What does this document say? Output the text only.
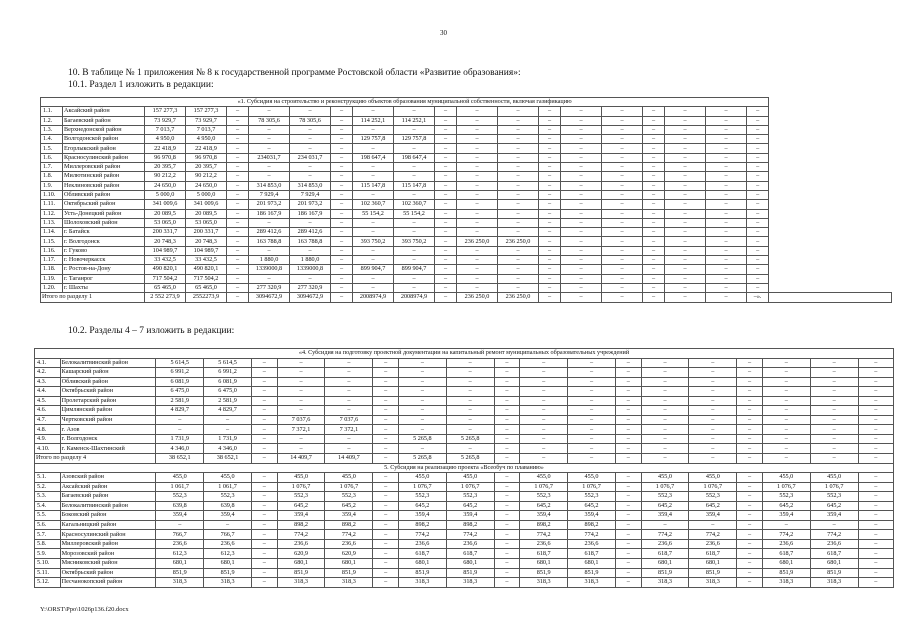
30
10. В таблице № 1 приложения № 8 к государственной программе Ростовской области «Развитие образования»:
10.1. Раздел 1 изложить в редакции:
«1. Субсидия на строительство и реконструкцию объектов образования муниципальной собственности, включая газификацию																				
1.1.	Аксайский район	157 277,3	157 277,3	–	–	–	–	–	–	–	–	–	–	–	–	–	–	–	–	
1.2.	Багаевский район	73 929,7	73 929,7	–	78 305,6	78 305,6	–	114 252,1	114 252,1	–	–	–	–	–	–	–	–	–	–	
1.3.	Верхнедонской район	7 013,7	7 013,7	–	–	–	–	–	–	–	–	–	–	–	–	–	–	–	–	
1.4.	Волгодонской район	4 950,0	4 950,0	–	–	–	–	129 757,8	129 757,8	–	–	–	–	–	–	–	–	–	–	
1.5.	Егорлыкский район	22 418,9	22 418,9	–	–	–	–	–	–	–	–	–	–	–	–	–	–	–	–	
1.6.	Красносулинский район	96 970,8	96 970,8	–	234031,7	234 031,7	–	198 647,4	198 647,4	–	–	–	–	–	–	–	–	–	–	
1.7.	Миллеровский район	20 395,7	20 395,7	–	–	–	–	–	–	–	–	–	–	–	–	–	–	–	–	
1.8.	Милютинский район	90 212,2	90 212,2	–	–	–	–	–	–	–	–	–	–	–	–	–	–	–	–	
1.9.	Неклиновский район	24 650,0	24 650,0	–	314 853,0	314 853,0	–	115 147,8	115 147,8	–	–	–	–	–	–	–	–	–	–	
1.10.	Обливский район	5 000,0	5 000,0	–	7 929,4	7 929,4	–	–	–	–	–	–	–	–	–	–	–	–	–	
1.11.	Октябрьский район	341 009,6	341 009,6	–	201 973,2	201 973,2	–	102 360,7	102 360,7	–	–	–	–	–	–	–	–	–	–	
1.12.	Усть-Донецкий район	20 089,5	20 089,5	–	186 167,9	186 167,9	–	55 154,2	55 154,2	–	–	–	–	–	–	–	–	–	–	
1.13.	Шолоховский район	53 065,0	53 065,0	–	–	–	–	–	–	–	–	–	–	–	–	–	–	–	–	
1.14.	г. Батайск	200 331,7	200 331,7	–	289 412,6	289 412,6	–	–	–	–	–	–	–	–	–	–	–	–	–	
1.15.	г. Волгодонск	20 748,3	20 748,3	–	163 788,8	163 788,8	–	393 750,2	393 750,2	–	236 250,0	236 250,0	–	–	–	–	–	–	–	
1.16.	г. Гуково	104 989,7	104 989,7	–	–	–	–	–	–	–	–	–	–	–	–	–	–	–	–	
1.17.	г. Новочеркасск	33 432,5	33 432,5	–	1 880,0	1 880,0	–	–	–	–	–	–	–	–	–	–	–	–	–	
1.18.	г. Ростов-на-Дону	490 820,1	490 820,1	–	1339000,8	1339000,8	–	899 904,7	899 904,7	–	–	–	–	–	–	–	–	–	–	
1.19.	г. Таганрог	717 504,2	717 504,2	–	–	–	–	–	–	–	–	–	–	–	–	–	–	–	–	
1.20.	г. Шахты	65 465,0	65 465,0	–	277 320,9	277 320,9	–	–	–	–	–	–	–	–	–	–	–	–	–	
Итого по разделу 1		2 552 273,9	2552273,9	–	3094672,9	3094672,9	–	2008974,9	2008974,9	–	236 250,0	236 250,0	–	–	–	–	–	–	–».	
10.2. Разделы 4 – 7 изложить в редакции:
«4. Субсидия на подготовку проектной документации на капитальный ремонт муниципальных образовательных учреждений																			
4.1.	Белокалитвинский район	5 614,5	5 614,5	–	–	–	–	–	–	–	–	–	–	–	–	–	–	–	–
4.2.	Кашарский район	6 991,2	6 991,2	–	–	–	–	–	–	–	–	–	–	–	–	–	–	–	–
4.3.	Обливский район	6 081,9	6 081,9	–	–	–	–	–	–	–	–	–	–	–	–	–	–	–	–
4.4.	Октябрьский район	6 475,0	6 475,0	–	–	–	–	–	–	–	–	–	–	–	–	–	–	–	–
4.5.	Пролетарский район	2 581,9	2 581,9	–	–	–	–	–	–	–	–	–	–	–	–	–	–	–	–
4.6.	Цимлянский район	4 829,7	4 829,7	–	–	–	–	–	–	–	–	–	–	–	–	–	–	–	–
4.7.	Чертковский район	–	–	–	7 037,6	7 037,6	–	–	–	–	–	–	–	–	–	–	–	–	–
4.8.	г. Азов	–	–	–	7 372,1	7 372,1	–	–	–	–	–	–	–	–	–	–	–	–	–
4.9.	г. Волгодонск	1 731,9	1 731,9	–	–	–	–	5 265,8	5 265,8	–	–	–	–	–	–	–	–	–	–
4.10.	г. Каменск-Шахтинский	4 346,0	4 346,0	–	–	–	–	–	–	–	–	–	–	–	–	–	–	–	–
Итого по разделу 4		38 652,1	38 652,1	–	14 409,7	14 409,7	–	5 265,8	5 265,8	–	–	–	–	–	–	–	–	–	–
5. Субсидия на реализацию проекта «Всеобуч по плаванию»																			
5.1.	Азовский район	455,0	455,0	–	455,0	455,0	–	455,0	455,0	–	455,0	455,0	–	455,0	455,0	–	455,0	455,0	–
5.2.	Аксайский район	1 061,7	1 061,7	–	1 076,7	1 076,7	–	1 076,7	1 076,7	–	1 076,7	1 076,7	–	1 076,7	1 076,7	–	1 076,7	1 076,7	–
5.3.	Багаевский район	552,3	552,3	–	552,3	552,3	–	552,3	552,3	–	552,3	552,3	–	552,3	552,3	–	552,3	552,3	–
5.4.	Белокалитвинский район	639,8	639,8	–	645,2	645,2	–	645,2	645,2	–	645,2	645,2	–	645,2	645,2	–	645,2	645,2	–
5.5.	Боковский район	359,4	359,4	–	359,4	359,4	–	359,4	359,4	–	359,4	359,4	–	359,4	359,4	–	359,4	359,4	–
5.6.	Кагальницкий район	–	–	–	898,2	898,2	–	898,2	898,2	–	898,2	898,2	–	–	–	–	–	–	–
5.7.	Красносулинский район	766,7	766,7	–	774,2	774,2	–	774,2	774,2	–	774,2	774,2	–	774,2	774,2	–	774,2	774,2	–
5.8.	Миллеровский район	236,6	236,6	–	236,6	236,6	–	236,6	236,6	–	236,6	236,6	–	236,6	236,6	–	236,6	236,6	–
5.9.	Морозовский район	612,3	612,3	–	620,9	620,9	–	618,7	618,7	–	618,7	618,7	–	618,7	618,7	–	618,7	618,7	–
5.10.	Мясниковский район	680,1	680,1	–	680,1	680,1	–	680,1	680,1	–	680,1	680,1	–	680,1	680,1	–	680,1	680,1	–
5.11.	Октябрьский район	851,9	851,9	–	851,9	851,9	–	851,9	851,9	–	851,9	851,9	–	851,9	851,9	–	851,9	851,9	–
5.12.	Песчанокопский район	318,3	318,3	–	318,3	318,3	–	318,3	318,3	–	318,3	318,3	–	318,3	318,3	–	318,3	318,3	–
Y:\ORST\Ppo\1026p136.f20.docx
